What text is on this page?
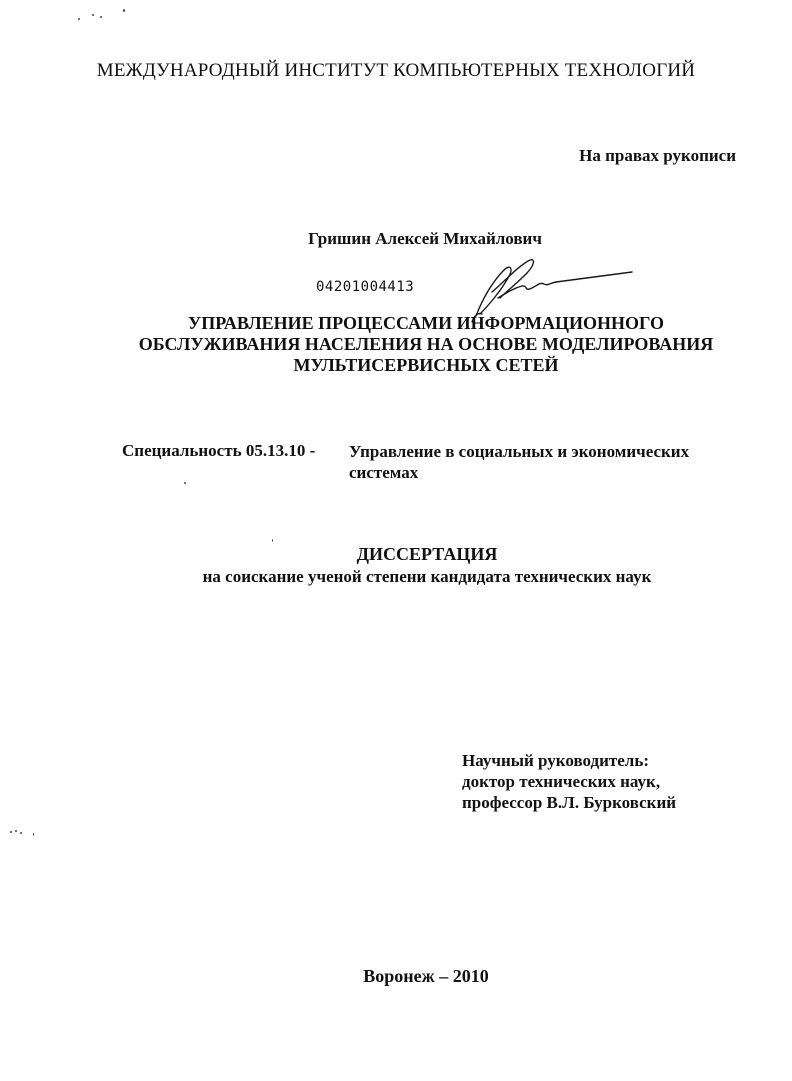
МЕЖДУНАРОДНЫЙ ИНСТИТУТ КОМПЬЮТЕРНЫХ ТЕХНОЛОГИЙ
На правах рукописи
Гришин Алексей Михайлович
04201004413
УПРАВЛЕНИЕ ПРОЦЕССАМИ ИНФОРМАЦИОННОГО
ОБСЛУЖИВАНИЯ НАСЕЛЕНИЯ НА ОСНОВЕ МОДЕЛИРОВАНИЯ
МУЛЬТИСЕРВИСНЫХ СЕТЕЙ
Специальность 05.13.10 - Управление в социальных и экономических
системах
ДИССЕРТАЦИЯ
на соискание ученой степени кандидата технических наук
Научный руководитель:
доктор технических наук,
профессор В.Л. Бурковский
Воронеж – 2010
